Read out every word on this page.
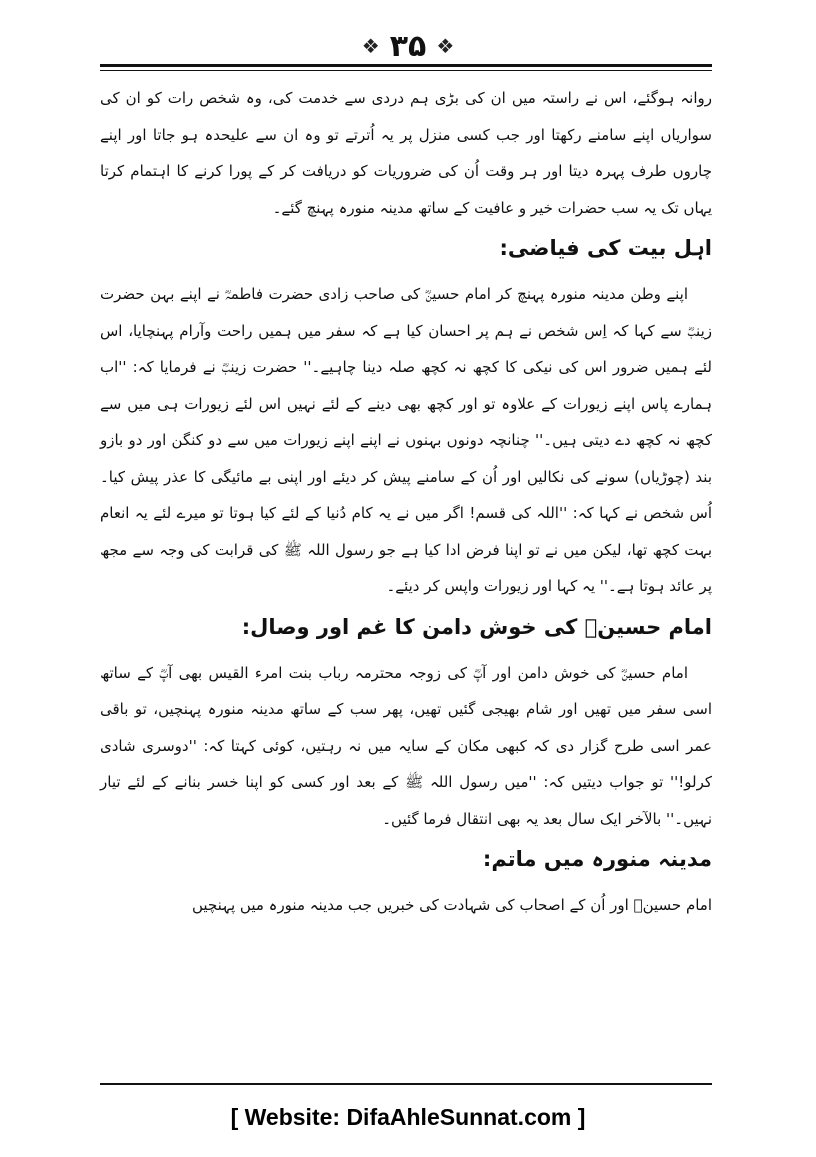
❖ ۳۵ ❖

روانہ ہوگئے، اس نے راستہ میں ان کی بڑی ہم دردی سے خدمت کی، وہ شخص رات کو ان کی سواریاں اپنے سامنے رکھتا اور جب کسی منزل پر یہ اُترتے تو وہ ان سے علیحدہ ہو جاتا اور اپنے چاروں طرف پہرہ دیتا اور ہر وقت اُن کی ضروریات کو دریافت کر کے پورا کرنے کا اہتمام کرتا یہاں تک یہ سب حضرات خیر و عافیت کے ساتھ مدینہ منورہ پہنچ گئے۔

اہل بیت کی فیاضی:

اپنے وطن مدینہ منورہ پہنچ کر امام حسینؓ کی صاحب زادی حضرت فاطمہؓ نے اپنے بہن حضرت زینبؓ سے کہا کہ اِس شخص نے ہم پر احسان کیا ہے کہ سفر میں ہمیں راحت وآرام پہنچایا، اس لئے ہمیں ضرور اس کی نیکی کا کچھ نہ کچھ صلہ دینا چاہیے۔'' حضرت زینبؓ نے فرمایا کہ: ''اب ہمارے پاس اپنے زیورات کے علاوہ تو اور کچھ بھی دینے کے لئے نہیں اس لئے زیورات ہی میں سے کچھ نہ کچھ دے دیتی ہیں۔'' چنانچہ دونوں بہنوں نے اپنے اپنے زیورات میں سے دو کنگن اور دو بازو بند (چوڑیاں) سونے کی نکالیں اور اُن کے سامنے پیش کر دیئے اور اپنی بے مائیگی کا عذر پیش کیا۔ اُس شخص نے کہا کہ: ''اللہ کی قسم! اگر میں نے یہ کام دُنیا کے لئے کیا ہوتا تو میرے لئے یہ انعام بہت کچھ تھا، لیکن میں نے تو اپنا فرض ادا کیا ہے جو رسول اللہ ﷺ کی قرابت کی وجہ سے مجھ پر عائد ہوتا ہے۔'' یہ کہا اور زیورات واپس کر دیئے۔

امام حسینؓ کی خوش دامن کا غم اور وصال:

امام حسینؓ کی خوش دامن اور آپؓ کی زوجہ محترمہ رباب بنت امرء القیس بھی آپؓ کے ساتھ اسی سفر میں تھیں اور شام بھیجی گئیں تھیں، پھر سب کے ساتھ مدینہ منورہ پہنچیں، تو باقی عمر اسی طرح گزار دی کہ کبھی مکان کے سایہ میں نہ رہتیں، کوئی کہتا کہ: ''دوسری شادی کرلو!'' تو جواب دیتیں کہ: ''میں رسول اللہ ﷺ کے بعد اور کسی کو اپنا خسر بنانے کے لئے تیار نہیں۔'' بالآخر ایک سال بعد یہ بھی انتقال فرما گئیں۔

مدینہ منورہ میں ماتم:

امام حسینؓ اور اُن کے اصحاب کی شہادت کی خبریں جب مدینہ منورہ میں پہنچیں

[ Website: DifaAhleSunnat.com ]
